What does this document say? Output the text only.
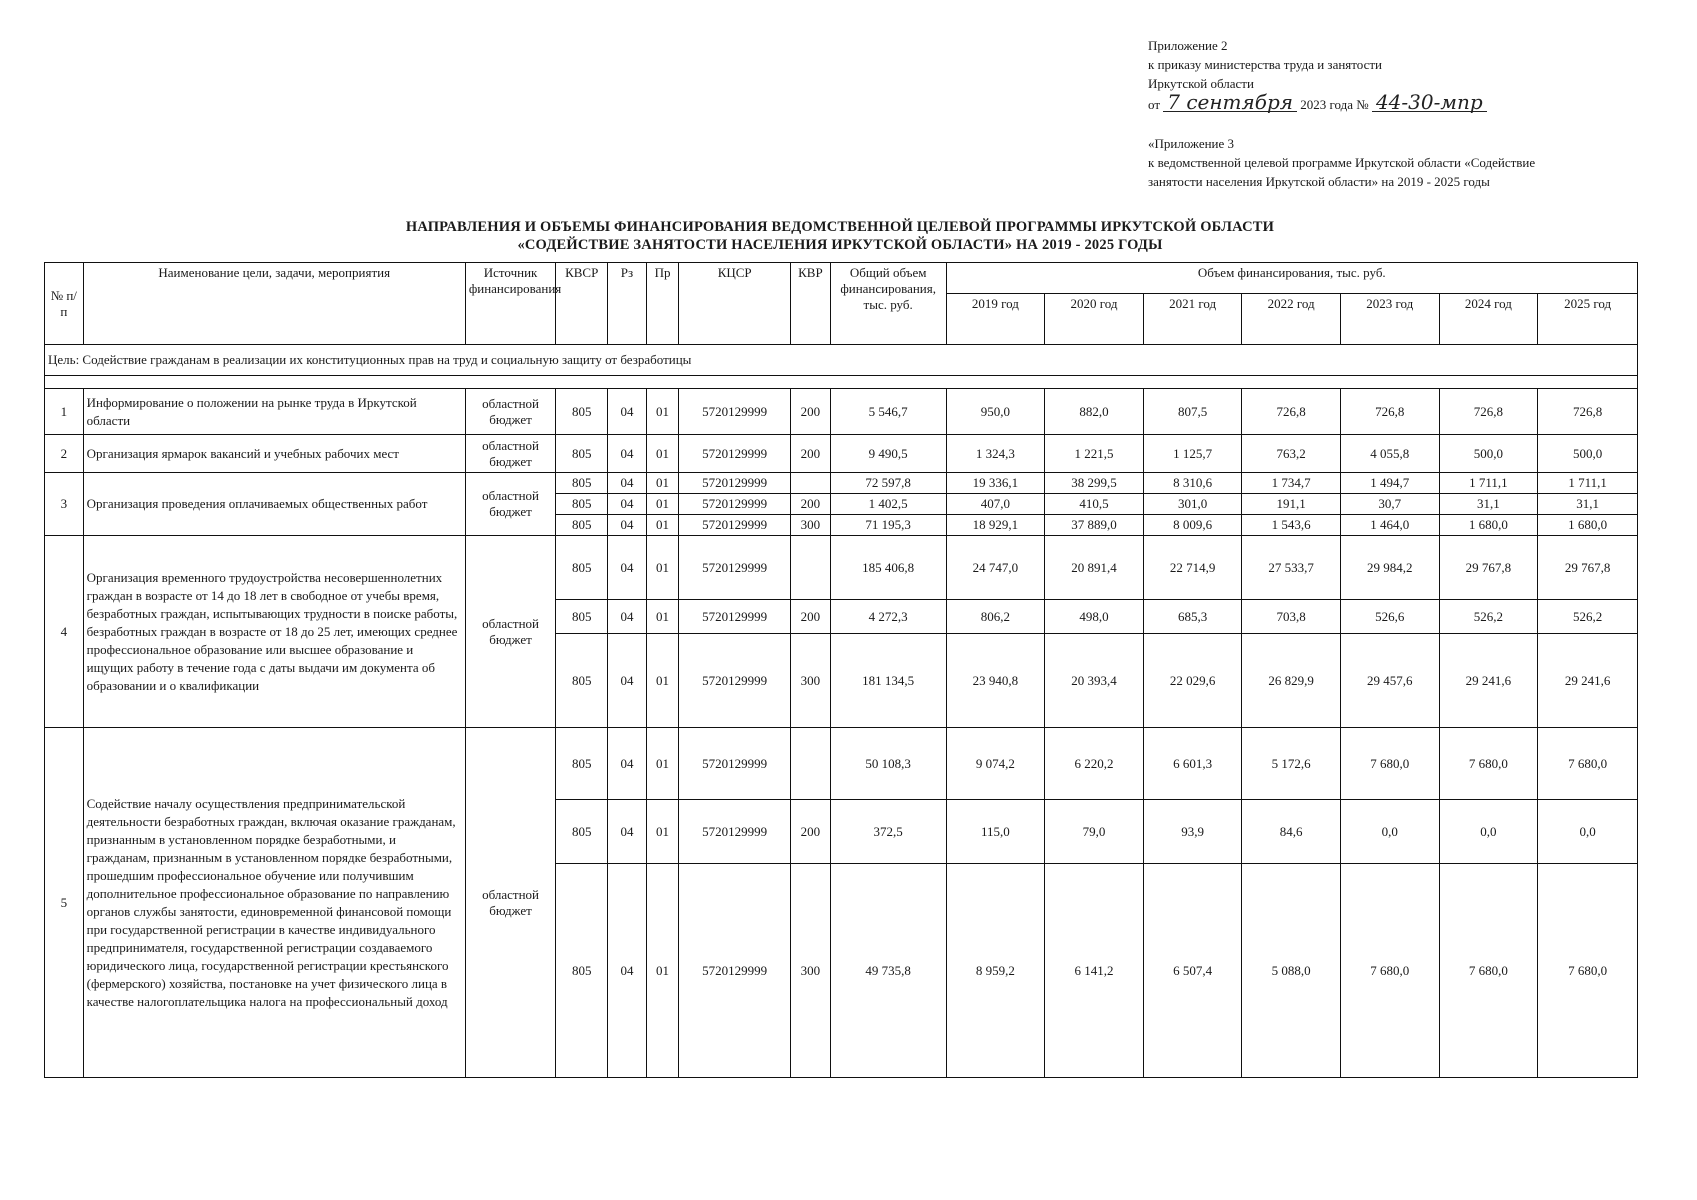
Приложение 2
к приказу министерства труда и занятости
Иркутской области
от 7 сентября 2023 года № 44-30-мпр
«Приложение 3
к ведомственной целевой программе Иркутской области «Содействие
занятости населения Иркутской области» на 2019 - 2025 годы
НАПРАВЛЕНИЯ И ОБЪЕМЫ ФИНАНСИРОВАНИЯ ВЕДОМСТВЕННОЙ ЦЕЛЕВОЙ ПРОГРАММЫ ИРКУТСКОЙ ОБЛАСТИ
«СОДЕЙСТВИЕ ЗАНЯТОСТИ НАСЕЛЕНИЯ ИРКУТСКОЙ ОБЛАСТИ» НА 2019 - 2025 ГОДЫ
№ п/п	Наименование цели, задачи, мероприятия	Источник финансирования	КВСР	Рз	Пр	КЦСР	КВР	Общий объем финансирования, тыс. руб.	Объем финансирования, тыс. руб.						
									2019 год	2020 год	2021 год	2022 год	2023 год	2024 год	2025 год
Цель: Содействие гражданам в реализации их конституционных прав на труд и социальную защиту от безработицы															

1	Информирование о положении на рынке труда в Иркутской области	областной бюджет	805	04	01	5720129999	200	5 546,7	950,0	882,0	807,5	726,8	726,8	726,8	726,8
2	Организация ярмарок вакансий и учебных рабочих мест	областной бюджет	805	04	01	5720129999	200	9 490,5	1 324,3	1 221,5	1 125,7	763,2	4 055,8	500,0	500,0
3	Организация проведения оплачиваемых общественных работ	областной бюджет	805	04	01	5720129999		72 597,8	19 336,1	38 299,5	8 310,6	1 734,7	1 494,7	1 711,1	1 711,1
			805	04	01	5720129999	200	1 402,5	407,0	410,5	301,0	191,1	30,7	31,1	31,1
			805	04	01	5720129999	300	71 195,3	18 929,1	37 889,0	8 009,6	1 543,6	1 464,0	1 680,0	1 680,0
4	Организация временного трудоустройства несовершеннолетних граждан в возрасте от 14 до 18 лет в свободное от учебы время, безработных граждан, испытывающих трудности в поиске работы, безработных граждан в возрасте от 18 до 25 лет, имеющих среднее профессиональное образование или высшее образование и ищущих работу в течение года с даты выдачи им документа об образовании и о квалификации	областной бюджет	805	04	01	5720129999		185 406,8	24 747,0	20 891,4	22 714,9	27 533,7	29 984,2	29 767,8	29 767,8
			805	04	01	5720129999	200	4 272,3	806,2	498,0	685,3	703,8	526,6	526,2	526,2
			805	04	01	5720129999	300	181 134,5	23 940,8	20 393,4	22 029,6	26 829,9	29 457,6	29 241,6	29 241,6
5	Содействие началу осуществления предпринимательской деятельности безработных граждан, включая оказание гражданам, признанным в установленном порядке безработными, и гражданам, признанным в установленном порядке безработными, прошедшим профессиональное обучение или получившим дополнительное профессиональное образование по направлению органов службы занятости, единовременной финансовой помощи при государственной регистрации в качестве индивидуального предпринимателя, государственной регистрации создаваемого юридического лица, государственной регистрации крестьянского (фермерского) хозяйства, постановке на учет физического лица в качестве налогоплательщика налога на профессиональный доход	областной бюджет	805	04	01	5720129999		50 108,3	9 074,2	6 220,2	6 601,3	5 172,6	7 680,0	7 680,0	7 680,0
			805	04	01	5720129999	200	372,5	115,0	79,0	93,9	84,6	0,0	0,0	0,0
			805	04	01	5720129999	300	49 735,8	8 959,2	6 141,2	6 507,4	5 088,0	7 680,0	7 680,0	7 680,0
